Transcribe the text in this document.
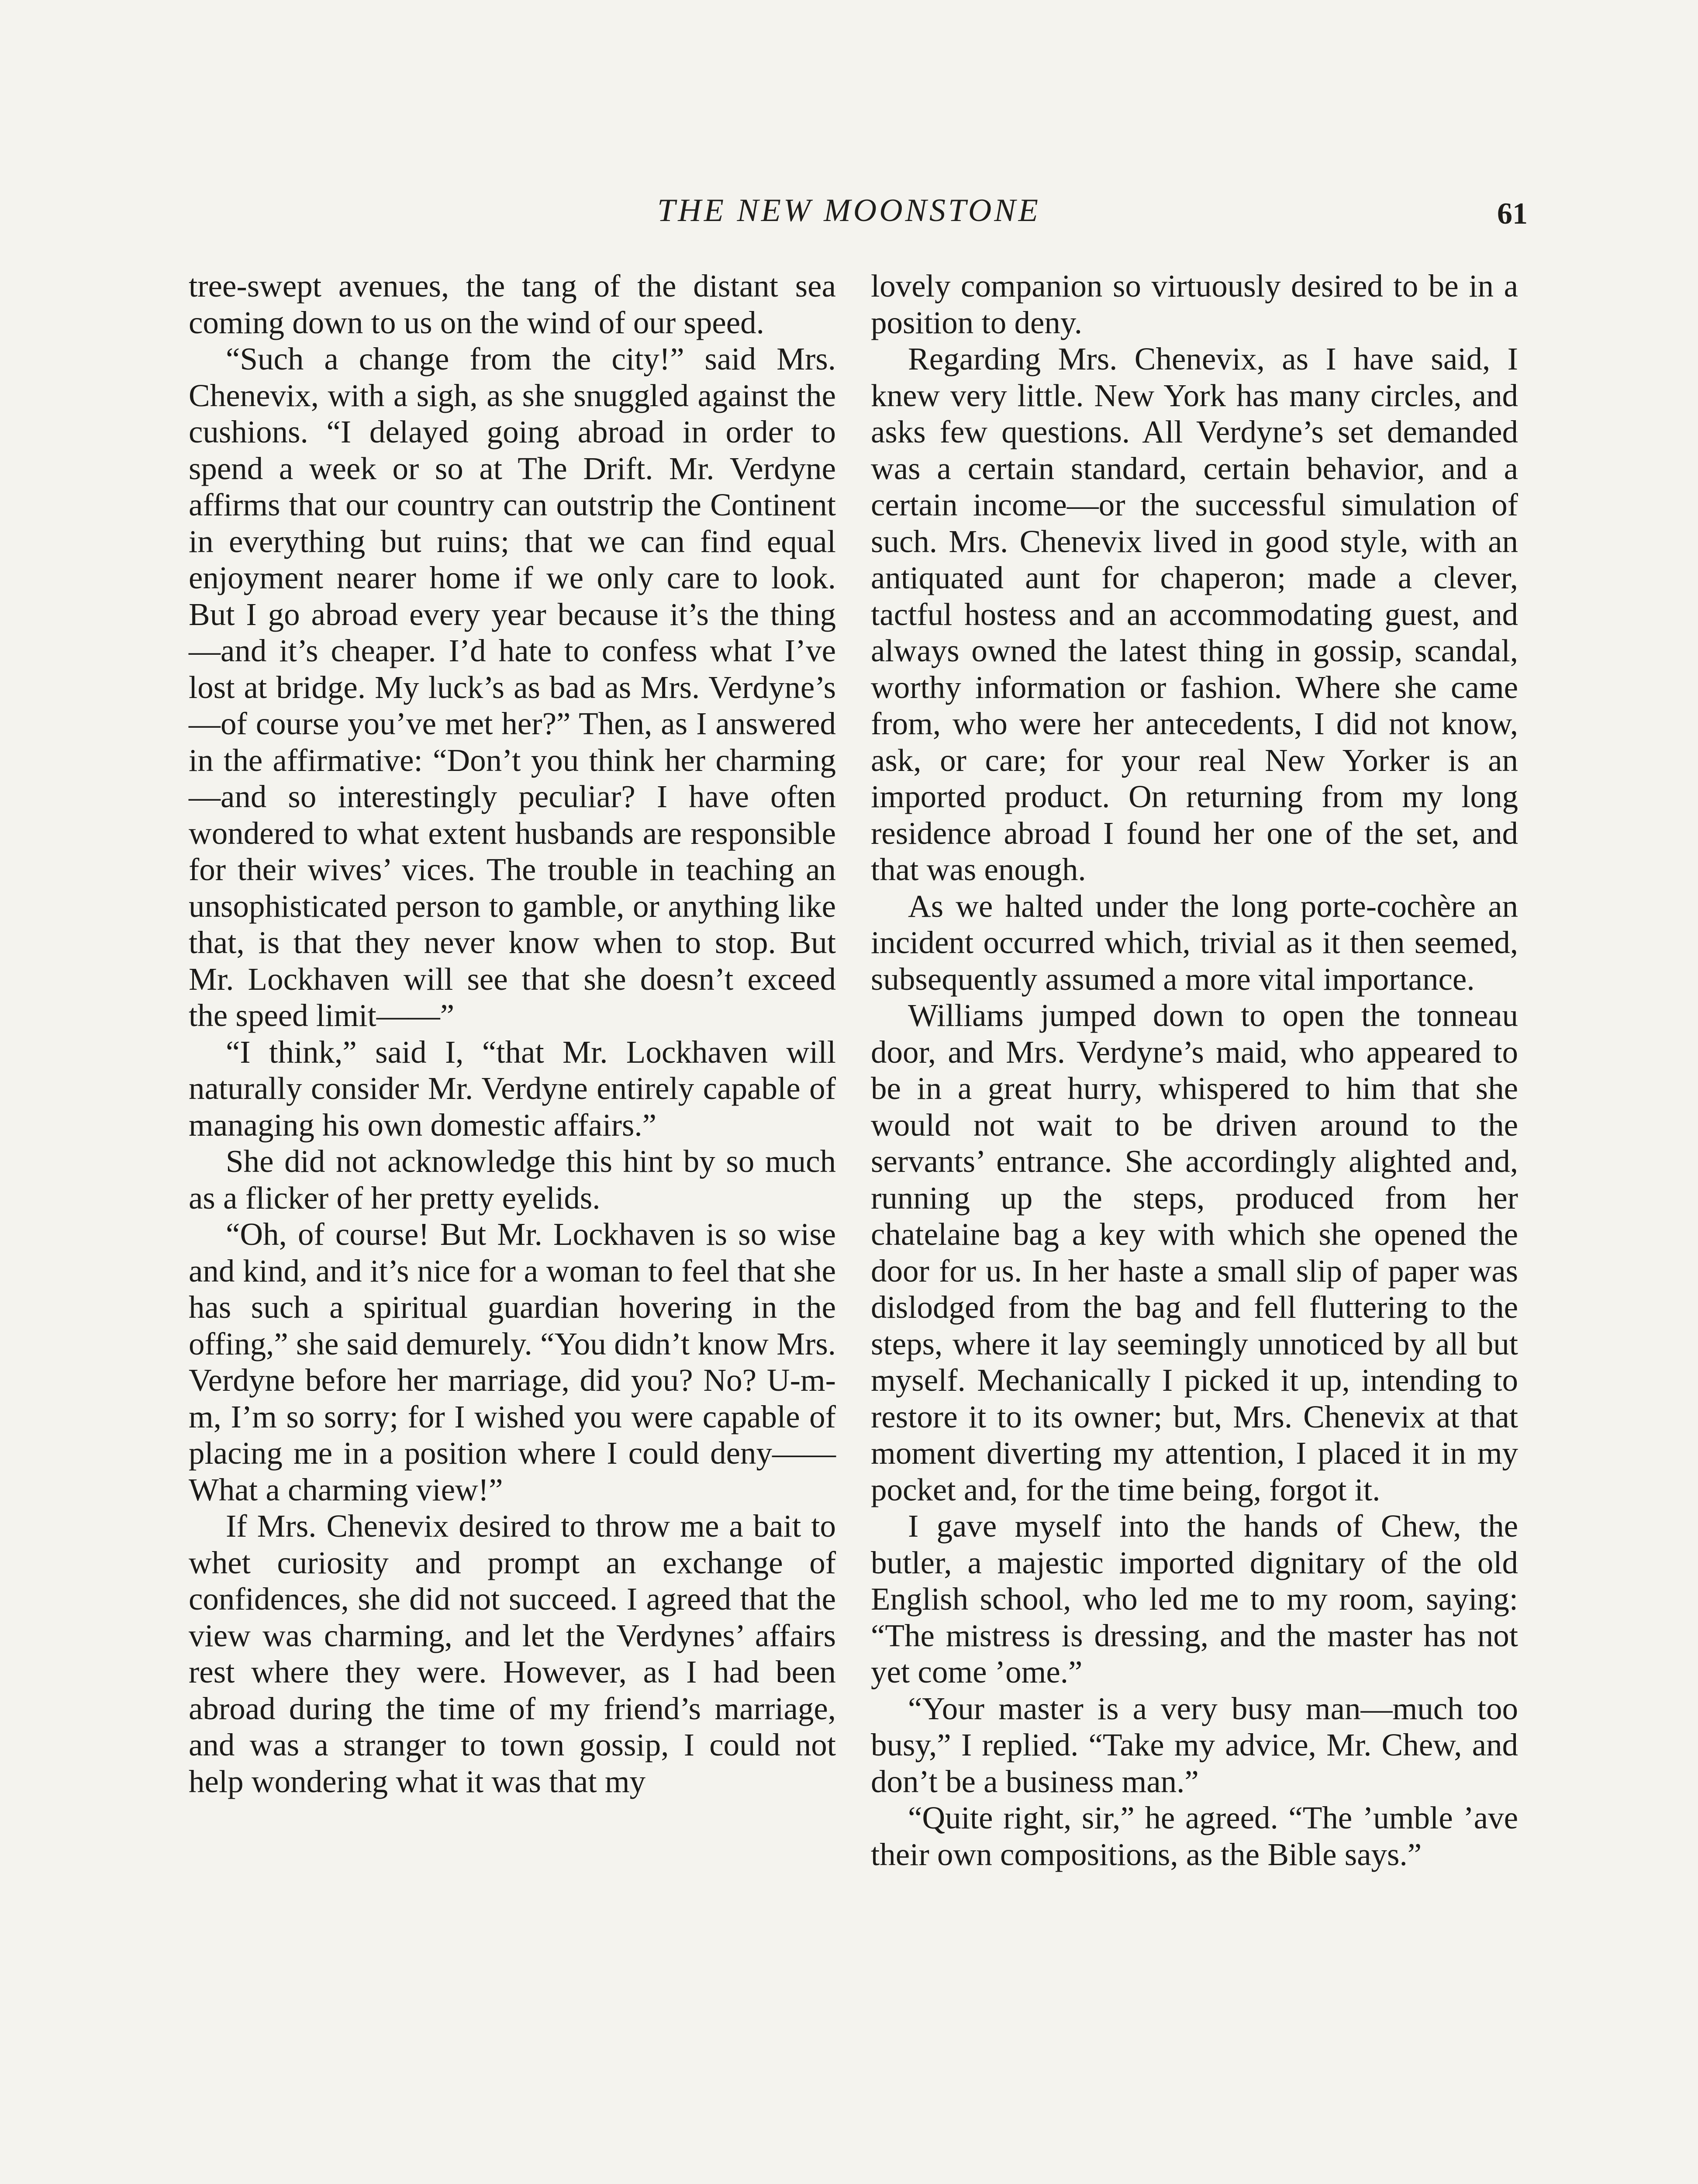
THE NEW MOONSTONE	61

tree-swept avenues, the tang of the distant sea coming down to us on the wind of our speed.

“Such a change from the city!” said Mrs. Chenevix, with a sigh, as she snuggled against the cushions. “I delayed going abroad in order to spend a week or so at The Drift. Mr. Verdyne affirms that our country can outstrip the Continent in everything but ruins; that we can find equal enjoyment nearer home if we only care to look. But I go abroad every year because it’s the thing—and it’s cheaper. I’d hate to confess what I’ve lost at bridge. My luck’s as bad as Mrs. Verdyne’s—of course you’ve met her?” Then, as I answered in the affirmative: “Don’t you think her charming—and so interestingly peculiar? I have often wondered to what extent husbands are responsible for their wives’ vices. The trouble in teaching an unsophisticated person to gamble, or anything like that, is that they never know when to stop. But Mr. Lockhaven will see that she doesn’t exceed the speed limit——”

“I think,” said I, “that Mr. Lockhaven will naturally consider Mr. Verdyne entirely capable of managing his own domestic affairs.”

She did not acknowledge this hint by so much as a flicker of her pretty eyelids.

“Oh, of course! But Mr. Lockhaven is so wise and kind, and it’s nice for a woman to feel that she has such a spiritual guardian hovering in the offing,” she said demurely. “You didn’t know Mrs. Verdyne before her marriage, did you? No? U-m-m, I’m so sorry; for I wished you were capable of placing me in a position where I could deny—— What a charming view!”

If Mrs. Chenevix desired to throw me a bait to whet curiosity and prompt an exchange of confidences, she did not succeed. I agreed that the view was charming, and let the Verdynes’ affairs rest where they were. However, as I had been abroad during the time of my friend’s marriage, and was a stranger to town gossip, I could not help wondering what it was that my

lovely companion so virtuously desired to be in a position to deny.

Regarding Mrs. Chenevix, as I have said, I knew very little. New York has many circles, and asks few questions. All Verdyne’s set demanded was a certain standard, certain behavior, and a certain income—or the successful simulation of such. Mrs. Chenevix lived in good style, with an antiquated aunt for chaperon; made a clever, tactful hostess and an accommodating guest, and always owned the latest thing in gossip, scandal, worthy information or fashion. Where she came from, who were her antecedents, I did not know, ask, or care; for your real New Yorker is an imported product. On returning from my long residence abroad I found her one of the set, and that was enough.

As we halted under the long porte-cochère an incident occurred which, trivial as it then seemed, subsequently assumed a more vital importance.

Williams jumped down to open the tonneau door, and Mrs. Verdyne’s maid, who appeared to be in a great hurry, whispered to him that she would not wait to be driven around to the servants’ entrance. She accordingly alighted and, running up the steps, produced from her chatelaine bag a key with which she opened the door for us. In her haste a small slip of paper was dislodged from the bag and fell fluttering to the steps, where it lay seemingly unnoticed by all but myself. Mechanically I picked it up, intending to restore it to its owner; but, Mrs. Chenevix at that moment diverting my attention, I placed it in my pocket and, for the time being, forgot it.

I gave myself into the hands of Chew, the butler, a majestic imported dignitary of the old English school, who led me to my room, saying: “The mistress is dressing, and the master has not yet come ’ome.”

“Your master is a very busy man—much too busy,” I replied. “Take my advice, Mr. Chew, and don’t be a business man.”

“Quite right, sir,” he agreed. “The ’umble ’ave their own compositions, as the Bible says.”
